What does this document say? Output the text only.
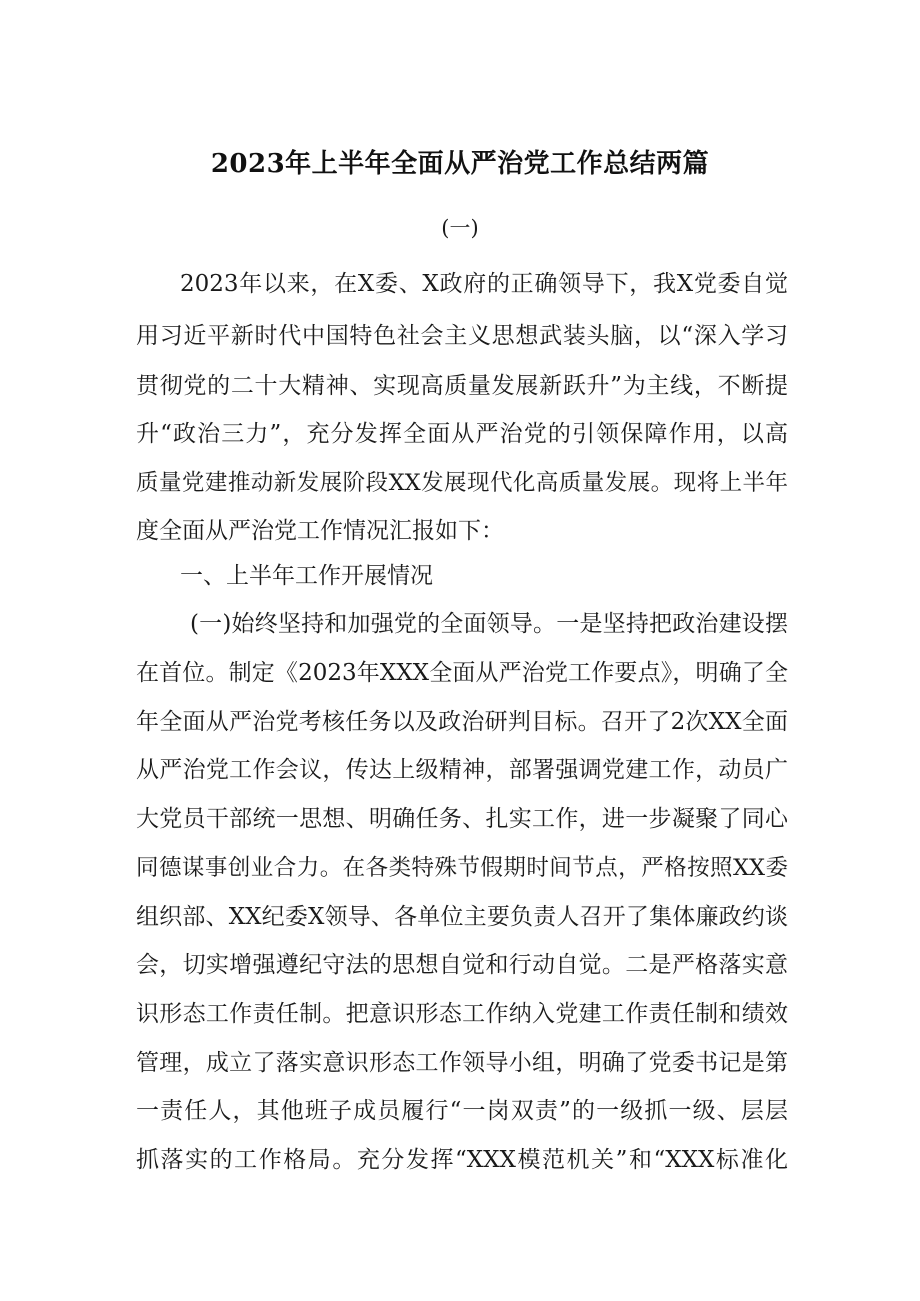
2023年上半年全面从严治党工作总结两篇
(一)
2023年以来，在X委、X政府的正确领导下，我X党委自觉
用习近平新时代中国特色社会主义思想武装头脑，以“深入学习
贯彻党的二十大精神、实现高质量发展新跃升”为主线，不断提
升“政治三力”，充分发挥全面从严治党的引领保障作用，以高
质量党建推动新发展阶段XX发展现代化高质量发展。现将上半年
度全面从严治党工作情况汇报如下：
一、上半年工作开展情况
(一)始终坚持和加强党的全面领导。一是坚持把政治建设摆
在首位。制定《2023年XXX全面从严治党工作要点》，明确了全
年全面从严治党考核任务以及政治研判目标。召开了2次XX全面
从严治党工作会议，传达上级精神，部署强调党建工作，动员广
大党员干部统一思想、明确任务、扎实工作，进一步凝聚了同心
同德谋事创业合力。在各类特殊节假期时间节点，严格按照XX委
组织部、XX纪委X领导、各单位主要负责人召开了集体廉政约谈
会，切实增强遵纪守法的思想自觉和行动自觉。二是严格落实意
识形态工作责任制。把意识形态工作纳入党建工作责任制和绩效
管理，成立了落实意识形态工作领导小组，明确了党委书记是第
一责任人，其他班子成员履行“一岗双责”的一级抓一级、层层
抓落实的工作格局。充分发挥“XXX模范机关”和“XXX标准化
